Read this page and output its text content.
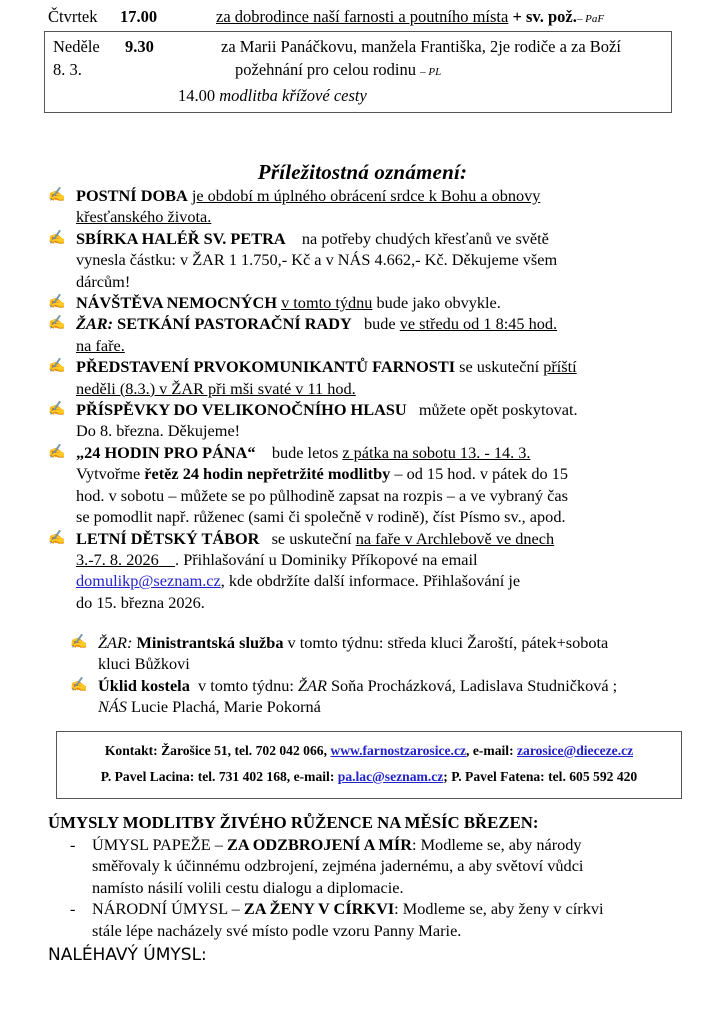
Čtvrtek 17.00	za dobrodince naší farnosti a poutního místa + sv. pož.– PaF
Neděle 9.30	za Marii Panáčkovu, manžela Františka, 2je rodiče a za Boží
8. 3.	požehnání pro celou rodinu – PL
14.00 modlitba křížové cesty
Příležitostná oznámení:
✍ POSTNÍ DOBA je období m úplného obrácení srdce k Bohu a obnovy
křesťanského života.
✍ SBÍRKA HALÉŘ SV. PETRA na potřeby chudých křesťanů ve světě
vynesla částku: v ŽAR 1 1.750,- Kč a v NÁS 4.662,- Kč. Děkujeme všem
dárcům!
✍ NÁVŠTĚVA NEMOCNÝCH v tomto týdnu bude jako obvykle.
✍ ŽAR: SETKÁNÍ PASTORAČNÍ RADY bude ve středu od 1 8:45 hod.
na faře.
✍ PŘEDSTAVENÍ PRVOKOMUNIKANTŮ FARNOSTI se uskuteční příští
neděli (8.3.) v ŽAR při mši svaté v 11 hod.
✍ PŘÍSPĚVKY DO VELIKONOČNÍHO HLASU můžete opět poskytovat.
Do 8. března. Děkujeme!
✍ „24 HODIN PRO PÁNA“ bude letos z pátka na sobotu 13. - 14. 3.
Vytvořme řetěz 24 hodin nepřetržité modlitby – od 15 hod. v pátek do 15
hod. v sobotu – můžete se po půlhodině zapsat na rozpis – a ve vybraný čas
se pomodlit např. růženec (sami či společně v rodině), číst Písmo sv., apod.
✍ LETNÍ DĚTSKÝ TÁBOR se uskuteční na faře v Archlebově ve dnech
3.-7. 8. 2026 . Přihlašování u Dominiky Příkopové na email
domulikp@seznam.cz, kde obdržíte další informace. Přihlašování je
do 15. března 2026.
✍ ŽAR: Ministrantská služba v tomto týdnu: středa kluci Žaroští, pátek+sobota
kluci Bůžkovi
✍ Úklid kostela v tomto týdnu: ŽAR Soňa Procházková, Ladislava Studničková ;
NÁS Lucie Plachá, Marie Pokorná
Kontakt: Žarošice 51, tel. 702 042 066, www.farnostzarosice.cz, e-mail: zarosice@dieceze.cz
P. Pavel Lacina: tel. 731 402 168, e-mail: pa.lac@seznam.cz; P. Pavel Fatena: tel. 605 592 420
ÚMYSLY MODLITBY ŽIVÉHO RŮŽENCE NA MĚSÍC BŘEZEN:
- ÚMYSL PAPEŽE – ZA ODZBROJENÍ A MÍR: Modleme se, aby národy
směřovaly k účinnému odzbrojení, zejména jadernému, a aby světoví vůdci
namísto násilí volili cestu dialogu a diplomacie.
- NÁRODNÍ ÚMYSL – ZA ŽENY V CÍRKVI: Modleme se, aby ženy v církvi
stále lépe nacházely své místo podle vzoru Panny Marie.
NALÉHAVÝ ÚMYSL:
